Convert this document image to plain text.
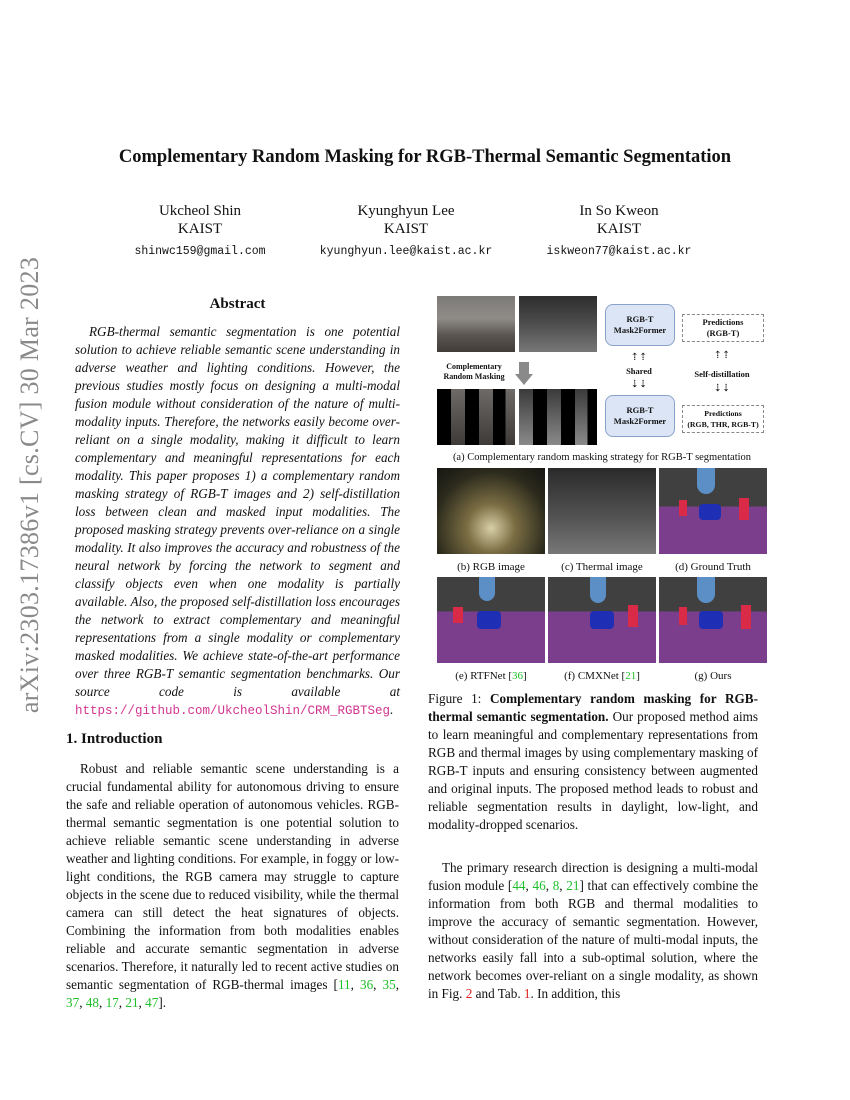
arXiv:2303.17386v1 [cs.CV] 30 Mar 2023
Complementary Random Masking for RGB-Thermal Semantic Segmentation
Ukcheol Shin
KAIST
shinwc159@gmail.com
Kyunghyun Lee
KAIST
kyunghyun.lee@kaist.ac.kr
In So Kweon
KAIST
iskweon77@kaist.ac.kr
Abstract

RGB-thermal semantic segmentation is one potential solution to achieve reliable semantic scene understanding in adverse weather and lighting conditions. However, the previous studies mostly focus on designing a multi-modal fusion module without consideration of the nature of multi-modality inputs. Therefore, the networks easily become over-reliant on a single modality, making it difficult to learn complementary and meaningful representations for each modality. This paper proposes 1) a complementary random masking strategy of RGB-T images and 2) self-distillation loss between clean and masked input modalities. The proposed masking strategy prevents over-reliance on a single modality. It also improves the accuracy and robustness of the neural network by forcing the network to segment and classify objects even when one modality is partially available. Also, the proposed self-distillation loss encourages the network to extract complementary and meaningful representations from a single modality or complementary masked modalities. We achieve state-of-the-art performance over three RGB-T semantic segmentation benchmarks. Our source code is available at https://github.com/UkcheolShin/CRM_RGBTSeg.

1. Introduction

Robust and reliable semantic scene understanding is a crucial fundamental ability for autonomous driving to ensure the safe and reliable operation of autonomous vehicles. RGB-thermal semantic segmentation is one potential solution to achieve reliable semantic scene understanding in adverse weather and lighting conditions. For example, in foggy or low-light conditions, the RGB camera may struggle to capture objects in the scene due to reduced visibility, while the thermal camera can still detect the heat signatures of objects. Combining the information from both modalities enables reliable and accurate semantic segmentation in adverse scenarios. Therefore, it naturally led to recent active studies on semantic segmentation of RGB-thermal images [11, 36, 35, 37, 48, 17, 21, 47].

Complementary
Random Masking
RGB-T
Mask2Former
RGB-T
Mask2Former
Shared
⇡⇡
⇣⇣
Predictions
(RGB-T)
Predictions
(RGB, THR, RGB-T)
Self-distillation
⇡⇡
⇣⇣
(a) Complementary random masking strategy for RGB-T segmentation
(b) RGB image	(c) Thermal image	(d) Ground Truth
(e) RTFNet [36]	(f) CMXNet [21]	(g) Ours
Figure 1: Complementary random masking for RGB-thermal semantic segmentation. Our proposed method aims to learn meaningful and complementary representations from RGB and thermal images by using complementary masking of RGB-T inputs and ensuring consistency between augmented and original inputs. The proposed method leads to robust and reliable segmentation results in daylight, low-light, and modality-dropped scenarios.

The primary research direction is designing a multi-modal fusion module [44, 46, 8, 21] that can effectively combine the information from both RGB and thermal modalities to improve the accuracy of semantic segmentation. However, without consideration of the nature of multi-modal inputs, the networks easily fall into a sub-optimal solution, where the network becomes over-reliant on a single modality, as shown in Fig. 2 and Tab. 1. In addition, this
